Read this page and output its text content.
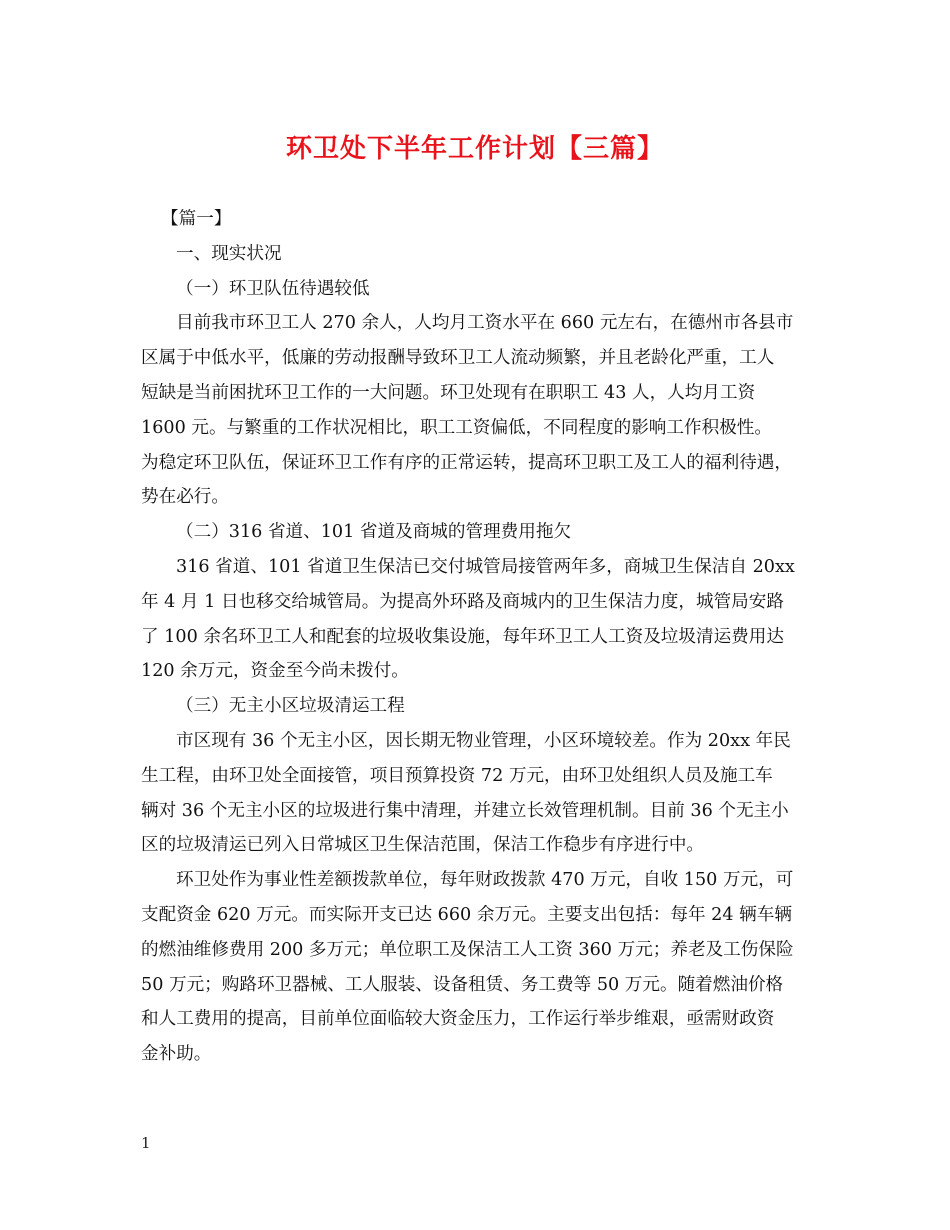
环卫处下半年工作计划【三篇】

【篇一】

一、现实状况

（一）环卫队伍待遇较低

目前我市环卫工人 270 余人，人均月工资水平在 660 元左右，在德州市各县市

区属于中低水平，低廉的劳动报酬导致环卫工人流动频繁，并且老龄化严重，工人

短缺是当前困扰环卫工作的一大问题。环卫处现有在职职工 43 人，人均月工资

1600 元。与繁重的工作状况相比，职工工资偏低，不同程度的影响工作积极性。

为稳定环卫队伍，保证环卫工作有序的正常运转，提高环卫职工及工人的福利待遇，

势在必行。

（二）316 省道、101 省道及商城的管理费用拖欠

316 省道、101 省道卫生保洁已交付城管局接管两年多，商城卫生保洁自 20xx

年 4 月 1 日也移交给城管局。为提高外环路及商城内的卫生保洁力度，城管局安路

了 100 余名环卫工人和配套的垃圾收集设施，每年环卫工人工资及垃圾清运费用达

120 余万元，资金至今尚未拨付。

（三）无主小区垃圾清运工程

市区现有 36 个无主小区，因长期无物业管理，小区环境较差。作为 20xx 年民

生工程，由环卫处全面接管，项目预算投资 72 万元，由环卫处组织人员及施工车

辆对 36 个无主小区的垃圾进行集中清理，并建立长效管理机制。目前 36 个无主小

区的垃圾清运已列入日常城区卫生保洁范围，保洁工作稳步有序进行中。

环卫处作为事业性差额拨款单位，每年财政拨款 470 万元，自收 150 万元，可

支配资金 620 万元。而实际开支已达 660 余万元。主要支出包括：每年 24 辆车辆

的燃油维修费用 200 多万元；单位职工及保洁工人工资 360 万元；养老及工伤保险

50 万元；购路环卫器械、工人服装、设备租赁、务工费等 50 万元。随着燃油价格

和人工费用的提高，目前单位面临较大资金压力，工作运行举步维艰，亟需财政资

金补助。

1
